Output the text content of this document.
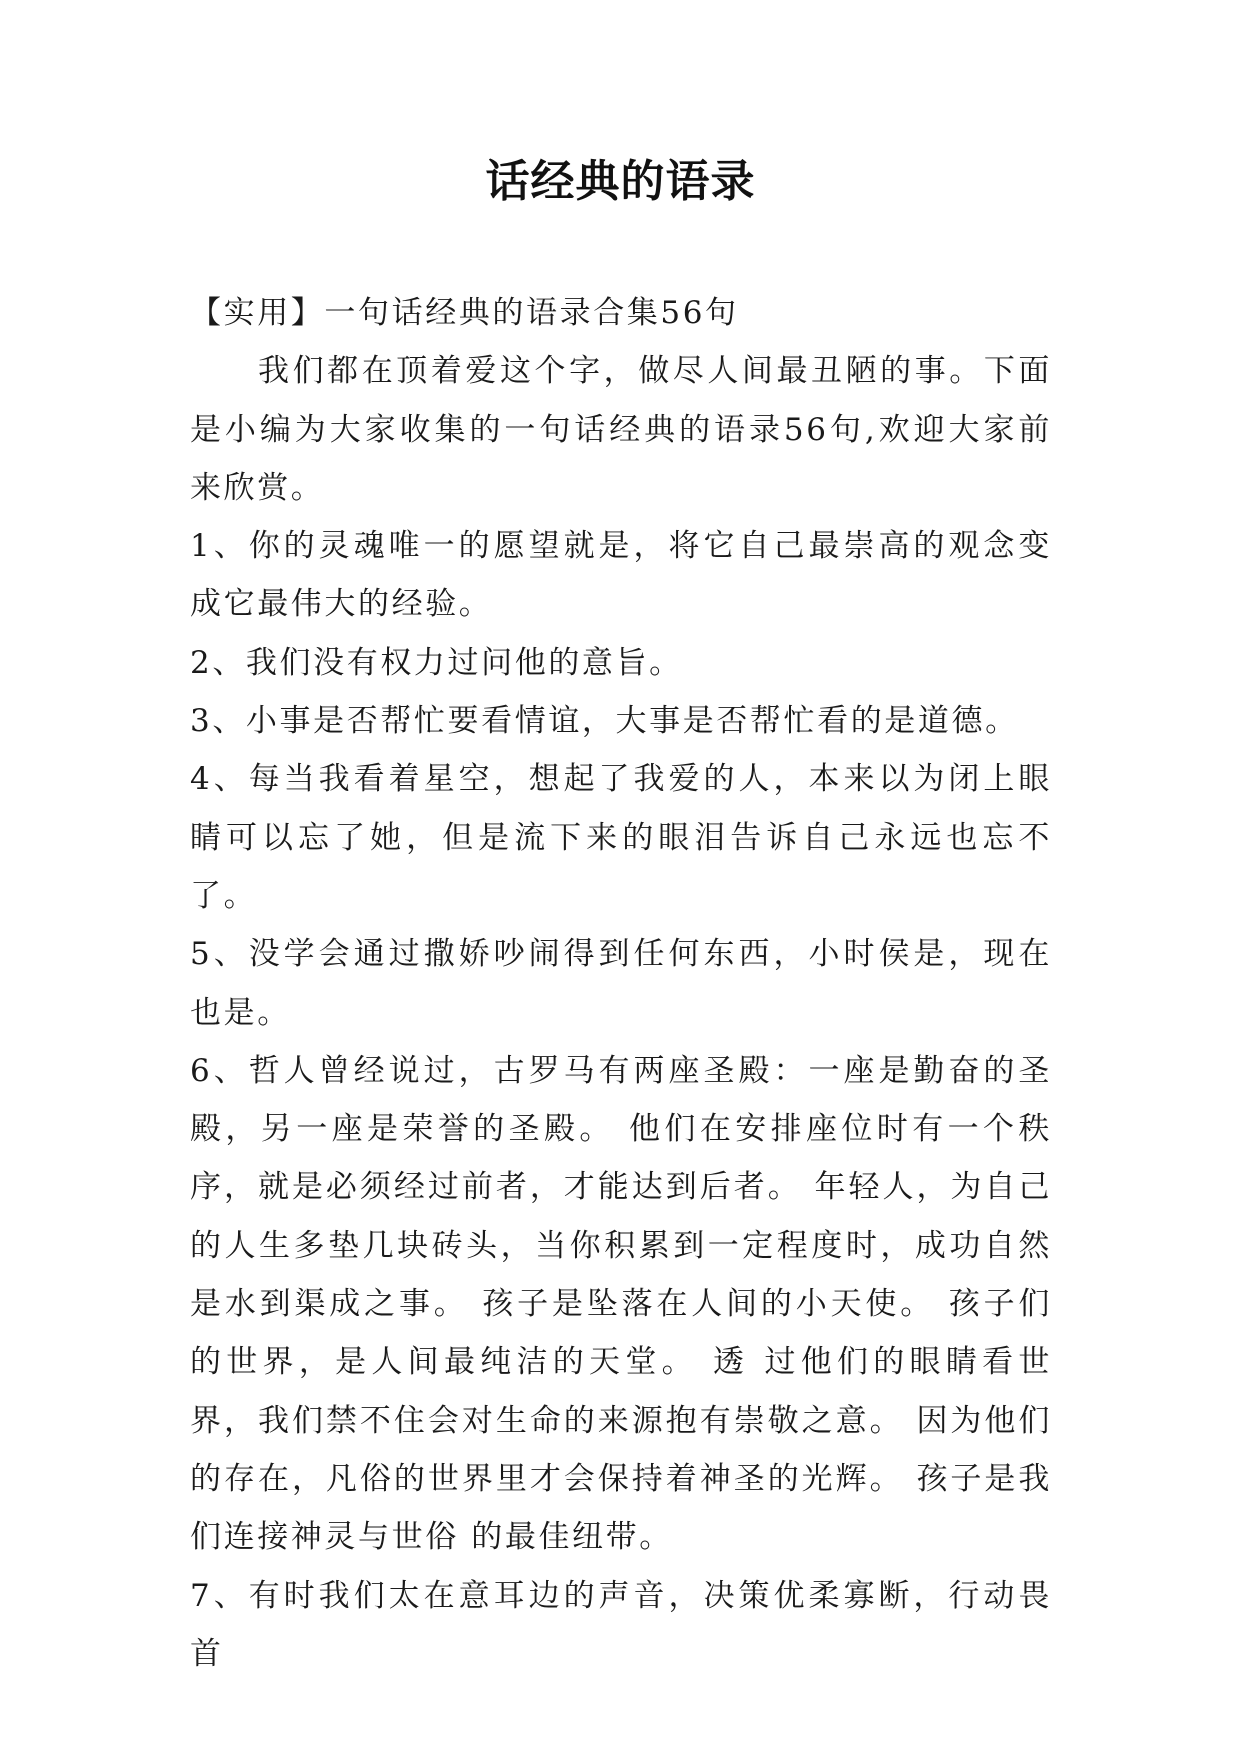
话经典的语录

【实用】一句话经典的语录合集56句

我们都在顶着爱这个字，做尽人间最丑陋的事。下面是小编为大家收集的一句话经典的语录56句,欢迎大家前来欣赏。

1、你的灵魂唯一的愿望就是，将它自己最崇高的观念变成它最伟大的经验。

2、我们没有权力过问他的意旨。

3、小事是否帮忙要看情谊，大事是否帮忙看的是道德。

4、每当我看着星空，想起了我爱的人，本来以为闭上眼睛可以忘了她，但是流下来的眼泪告诉自己永远也忘不了。

5、没学会通过撒娇吵闹得到任何东西，小时侯是，现在也是。

6、哲人曾经说过，古罗马有两座圣殿：一座是勤奋的圣殿，另一座是荣誉的圣殿。 他们在安排座位时有一个秩序，就是必须经过前者，才能达到后者。 年轻人，为自己的人生多垫几块砖头，当你积累到一定程度时，成功自然是水到渠成之事。 孩子是坠落在人间的小天使。 孩子们的世界，是人间最纯洁的天堂。 透 过他们的眼睛看世界，我们禁不住会对生命的来源抱有崇敬之意。 因为他们 的存在，凡俗的世界里才会保持着神圣的光辉。 孩子是我们连接神灵与世俗 的最佳纽带。

7、有时我们太在意耳边的声音，决策优柔寡断，行动畏首
